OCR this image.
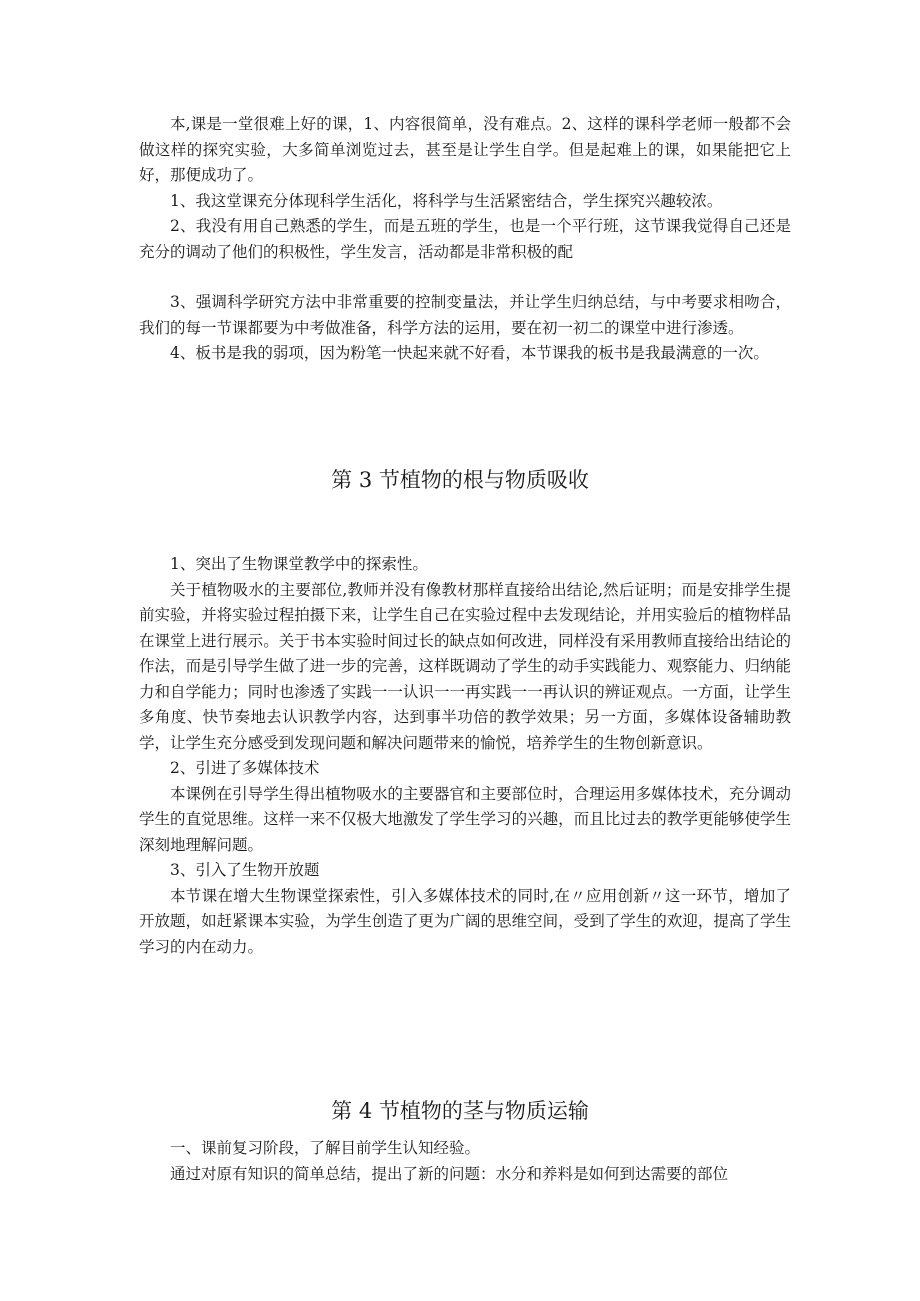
本,课是一堂很难上好的课，1、内容很简单，没有难点。2、这样的课科学老师一般都不会做这样的探究实验，大多简单浏览过去，甚至是让学生自学。但是起难上的课，如果能把它上好，那便成功了。

1、我这堂课充分体现科学生活化，将科学与生活紧密结合，学生探究兴趣较浓。

2、我没有用自己熟悉的学生，而是五班的学生，也是一个平行班，这节课我觉得自己还是充分的调动了他们的积极性，学生发言，活动都是非常积极的配

3、强调科学研究方法中非常重要的控制变量法，并让学生归纳总结，与中考要求相吻合，我们的每一节课都要为中考做准备，科学方法的运用，要在初一初二的课堂中进行渗透。

4、板书是我的弱项，因为粉笔一快起来就不好看，本节课我的板书是我最满意的一次。

第 3 节植物的根与物质吸收

1、突出了生物课堂教学中的探索性。

关于植物吸水的主要部位,教师并没有像教材那样直接给出结论,然后证明；而是安排学生提前实验，并将实验过程拍摄下来，让学生自己在实验过程中去发现结论，并用实验后的植物样品在课堂上进行展示。关于书本实验时间过长的缺点如何改进，同样没有采用教师直接给出结论的作法，而是引导学生做了进一步的完善，这样既调动了学生的动手实践能力、观察能力、归纳能力和自学能力；同时也渗透了实践一一认识一一再实践一一再认识的辨证观点。一方面，让学生多角度、快节奏地去认识教学内容，达到事半功倍的教学效果；另一方面，多媒体设备辅助教学，让学生充分感受到发现问题和解决问题带来的愉悦，培养学生的生物创新意识。

2、引进了多媒体技术

本课例在引导学生得出植物吸水的主要器官和主要部位时，合理运用多媒体技术，充分调动学生的直觉思维。这样一来不仅极大地激发了学生学习的兴趣，而且比过去的教学更能够使学生深刻地理解问题。

3、引入了生物开放题

本节课在增大生物课堂探索性，引入多媒体技术的同时,在〃应用创新〃这一环节，增加了开放题，如赶紧课本实验，为学生创造了更为广阔的思维空间，受到了学生的欢迎，提高了学生学习的内在动力。

第 4 节植物的茎与物质运输

一、课前复习阶段，了解目前学生认知经验。

通过对原有知识的简单总结，提出了新的问题：水分和养料是如何到达需要的部位
